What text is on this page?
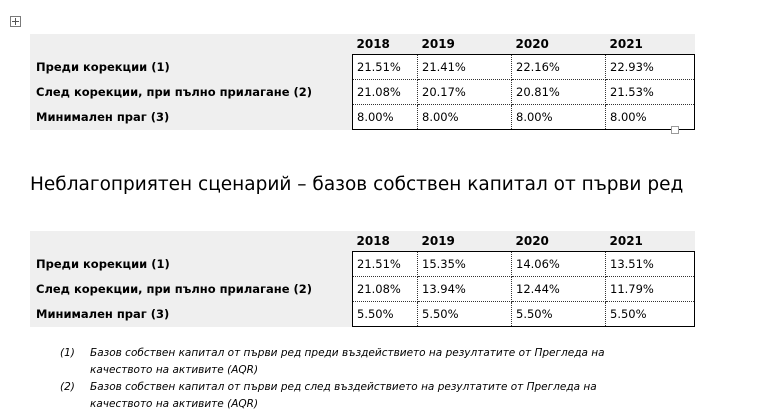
	2018	2019	2020	2021
Преди корекции (1)	21.51%	21.41%	22.16%	22.93%
След корекции, при пълно прилагане (2)	21.08%	20.17%	20.81%	21.53%
Минимален праг (3)	8.00%	8.00%	8.00%	8.00%
Неблагоприятен сценарий – базов собствен капитал от първи ред
	2018	2019	2020	2021
Преди корекции (1)	21.51%	15.35%	14.06%	13.51%
След корекции, при пълно прилагане (2)	21.08%	13.94%	12.44%	11.79%
Минимален праг (3)	5.50%	5.50%	5.50%	5.50%
(1)	Базов собствен капитал от първи ред преди въздействието на резултатите от Прегледа на
качеството на активите (AQR)
(2)	Базов собствен капитал от първи ред след въздействието на резултатите от Прегледа на
качеството на активите (AQR)
